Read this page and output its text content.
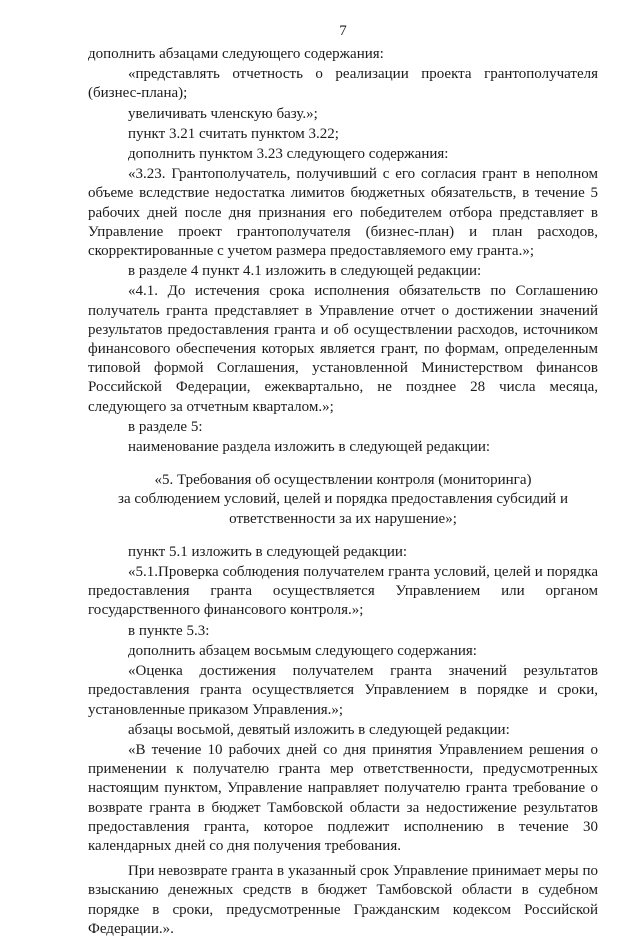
7

дополнить абзацами следующего содержания:

«представлять отчетность о реализации проекта грантополучателя (бизнес-плана);

увеличивать членскую базу.»;

пункт 3.21 считать пунктом 3.22;

дополнить пунктом 3.23 следующего содержания:

«3.23. Грантополучатель, получивший с его согласия грант в неполном объеме вследствие недостатка лимитов бюджетных обязательств, в течение 5 рабочих дней после дня признания его победителем отбора представляет в Управление проект грантополучателя (бизнес-план) и план расходов, скорректированные с учетом размера предоставляемого ему гранта.»;

в разделе 4 пункт 4.1 изложить в следующей редакции:

«4.1. До истечения срока исполнения обязательств по Соглашению получатель гранта представляет в Управление отчет о достижении значений результатов предоставления гранта и об осуществлении расходов, источником финансового обеспечения которых является грант, по формам, определенным типовой формой Соглашения, установленной Министерством финансов Российской Федерации, ежеквартально, не позднее 28 числа месяца, следующего за отчетным кварталом.»;

в разделе 5:

наименование раздела изложить в следующей редакции:

«5. Требования об осуществлении контроля (мониторинга)
за соблюдением условий, целей и порядка предоставления субсидий и
ответственности за их нарушение»;

пункт 5.1 изложить в следующей редакции:

«5.1.Проверка соблюдения получателем гранта условий, целей и порядка предоставления гранта осуществляется Управлением или органом государственного финансового контроля.»;

в пункте 5.3:

дополнить абзацем восьмым следующего содержания:

«Оценка достижения получателем гранта значений результатов предоставления гранта осуществляется Управлением в порядке и сроки, установленные приказом Управления.»;

абзацы восьмой, девятый изложить в следующей редакции:

«В течение 10 рабочих дней со дня принятия Управлением решения о применении к получателю гранта мер ответственности, предусмотренных настоящим пунктом, Управление направляет получателю гранта требование о возврате гранта в бюджет Тамбовской области за недостижение результатов предоставления гранта, которое подлежит исполнению в течение 30 календарных дней со дня получения требования.

При невозврате гранта в указанный срок Управление принимает меры по взысканию денежных средств в бюджет Тамбовской области в судебном порядке в сроки, предусмотренные Гражданским кодексом Российской Федерации.».
